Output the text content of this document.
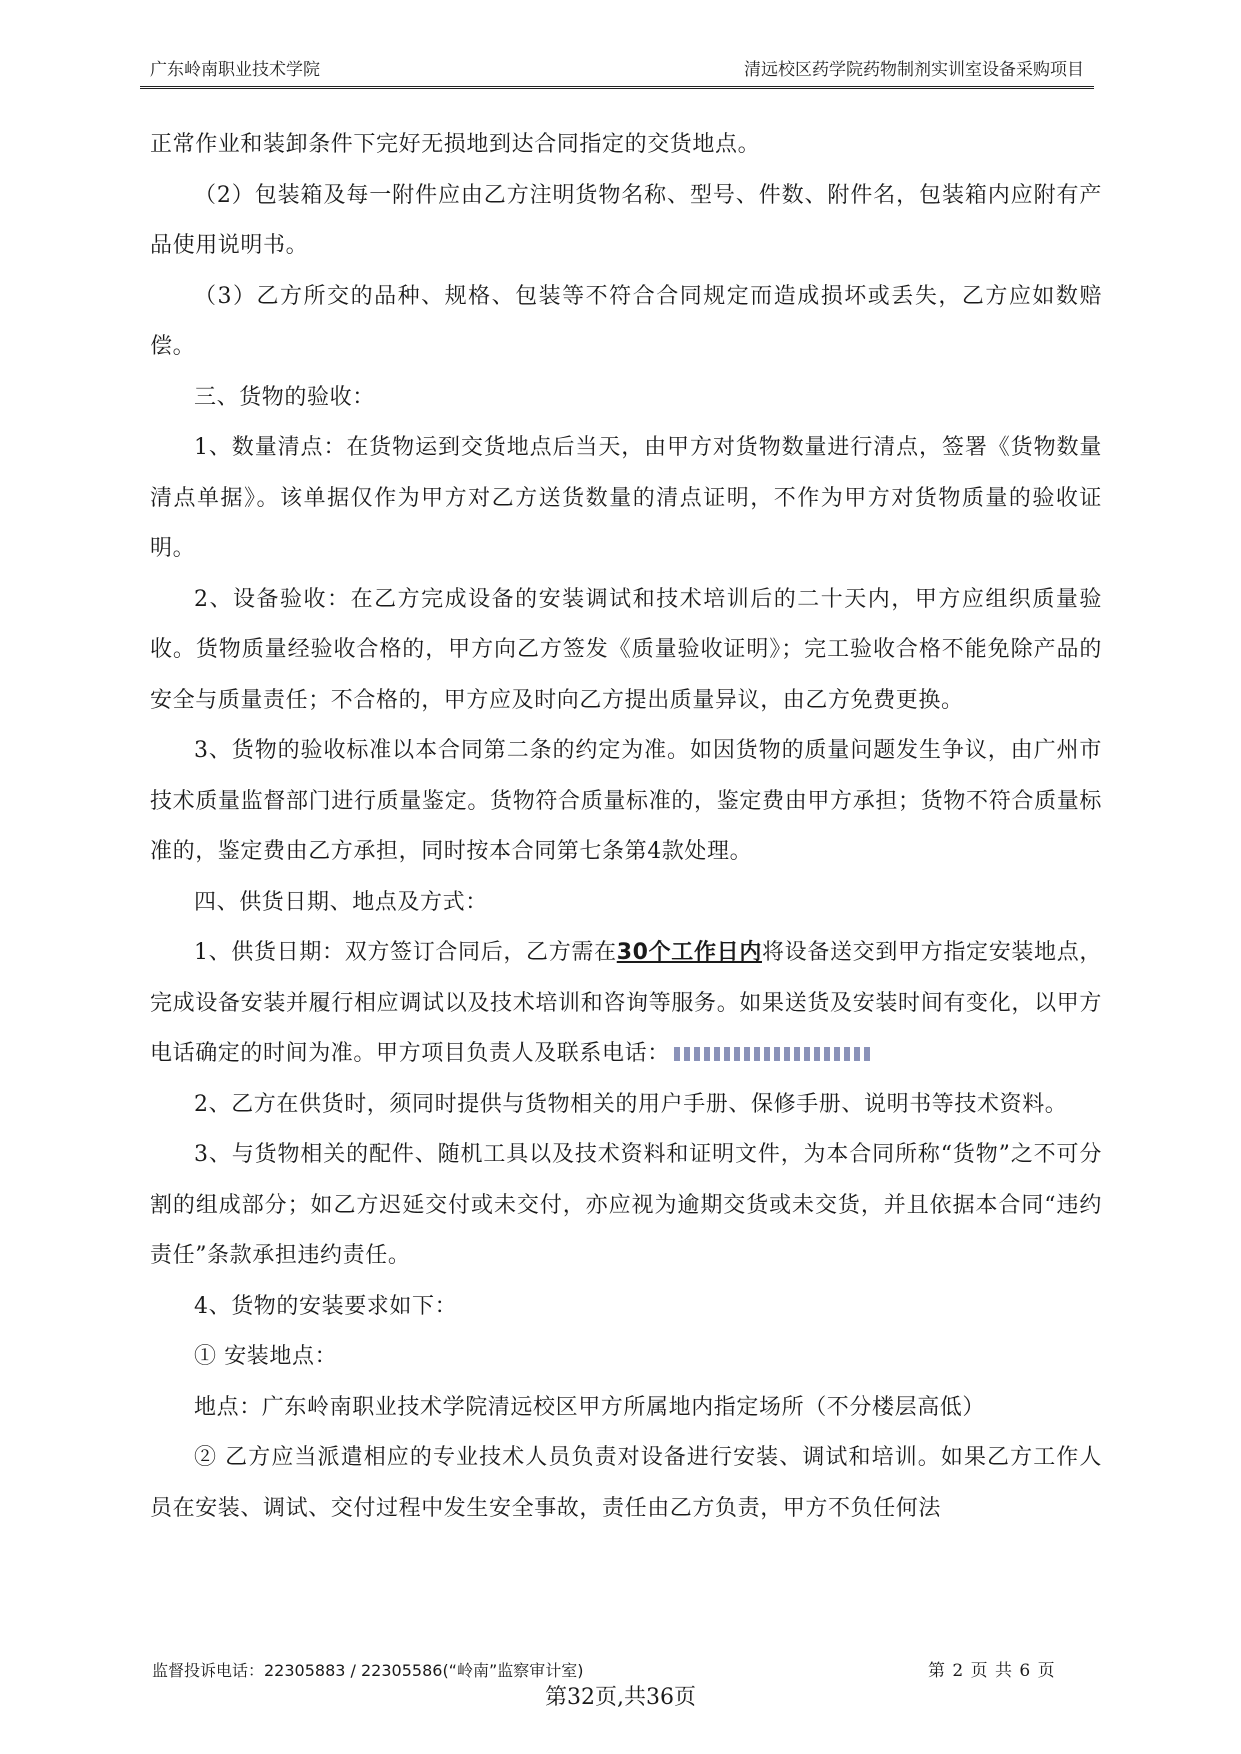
广东岭南职业技术学院	清远校区药学院药物制剂实训室设备采购项目

正常作业和装卸条件下完好无损地到达合同指定的交货地点。

（2）包装箱及每一附件应由乙方注明货物名称、型号、件数、附件名，包装箱内应附有产品使用说明书。

（3）乙方所交的品种、规格、包装等不符合合同规定而造成损坏或丢失，乙方应如数赔偿。

三、货物的验收：

1、数量清点：在货物运到交货地点后当天，由甲方对货物数量进行清点，签署《货物数量清点单据》。该单据仅作为甲方对乙方送货数量的清点证明，不作为甲方对货物质量的验收证明。

2、设备验收：在乙方完成设备的安装调试和技术培训后的二十天内，甲方应组织质量验收。货物质量经验收合格的，甲方向乙方签发《质量验收证明》；完工验收合格不能免除产品的安全与质量责任；不合格的，甲方应及时向乙方提出质量异议，由乙方免费更换。

3、货物的验收标准以本合同第二条的约定为准。如因货物的质量问题发生争议，由广州市技术质量监督部门进行质量鉴定。货物符合质量标准的，鉴定费由甲方承担；货物不符合质量标准的，鉴定费由乙方承担，同时按本合同第七条第4款处理。

四、供货日期、地点及方式：

1、供货日期：双方签订合同后，乙方需在30个工作日内将设备送交到甲方指定安装地点，完成设备安装并履行相应调试以及技术培训和咨询等服务。如果送货及安装时间有变化，以甲方电话确定的时间为准。甲方项目负责人及联系电话：

2、乙方在供货时，须同时提供与货物相关的用户手册、保修手册、说明书等技术资料。

3、与货物相关的配件、随机工具以及技术资料和证明文件，为本合同所称“货物”之不可分割的组成部分；如乙方迟延交付或未交付，亦应视为逾期交货或未交货，并且依据本合同“违约责任”条款承担违约责任。

4、货物的安装要求如下：

① 安装地点：

地点：广东岭南职业技术学院清远校区甲方所属地内指定场所（不分楼层高低）

② 乙方应当派遣相应的专业技术人员负责对设备进行安装、调试和培训。如果乙方工作人员在安装、调试、交付过程中发生安全事故，责任由乙方负责，甲方不负任何法

监督投诉电话：22305883 / 22305586(“岭南”监察审计室)	第 2 页 共 6 页
第32页,共36页
